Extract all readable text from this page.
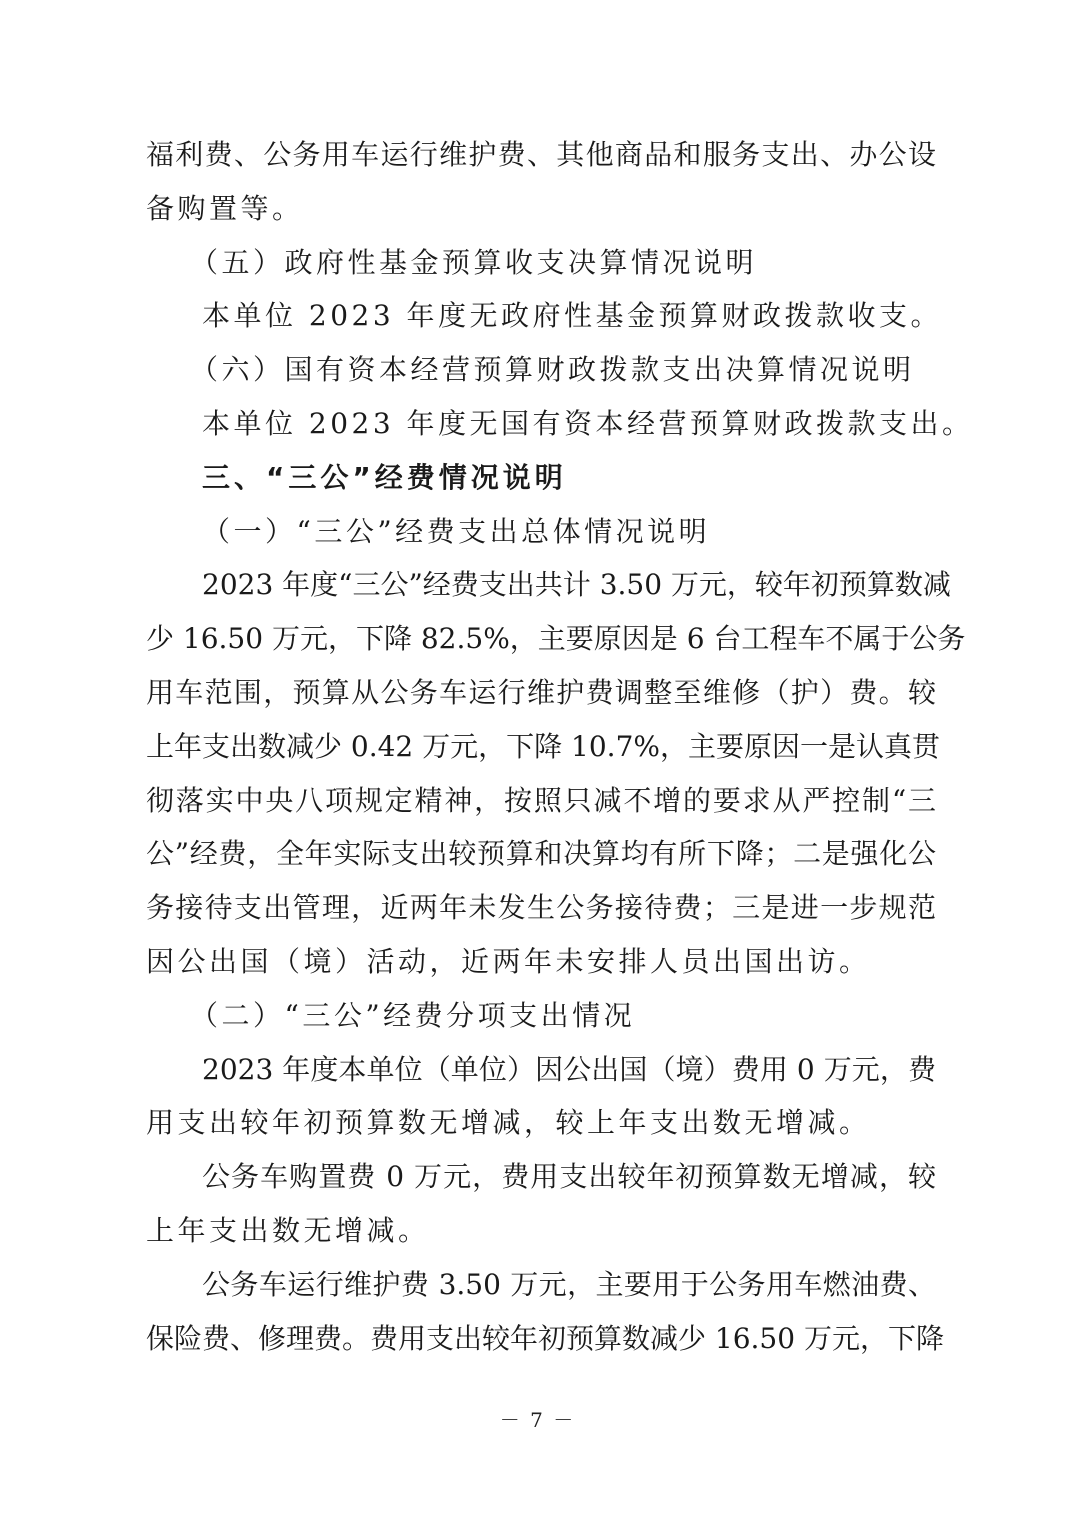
福利费、公务用车运行维护费、其他商品和服务支出、办公设
备购置等。
（五）政府性基金预算收支决算情况说明
本单位 2023 年度无政府性基金预算财政拨款收支。
（六）国有资本经营预算财政拨款支出决算情况说明
本单位 2023 年度无国有资本经营预算财政拨款支出。
三、“三公”经费情况说明
（一）“三公”经费支出总体情况说明
2023 年度“三公”经费支出共计 3.50 万元，较年初预算数减
少 16.50 万元，下降 82.5%，主要原因是 6 台工程车不属于公务
用车范围，预算从公务车运行维护费调整至维修（护）费。较
上年支出数减少 0.42 万元，下降 10.7%，主要原因一是认真贯
彻落实中央八项规定精神，按照只减不增的要求从严控制“三
公”经费，全年实际支出较预算和决算均有所下降；二是强化公
务接待支出管理，近两年未发生公务接待费；三是进一步规范
因公出国（境）活动，近两年未安排人员出国出访。
（二）“三公”经费分项支出情况
2023 年度本单位（单位）因公出国（境）费用 0 万元，费
用支出较年初预算数无增减，较上年支出数无增减。
公务车购置费 0 万元，费用支出较年初预算数无增减，较
上年支出数无增减。
公务车运行维护费 3.50 万元，主要用于公务用车燃油费、
保险费、修理费。费用支出较年初预算数减少 16.50 万元，下降
－ 7 －
